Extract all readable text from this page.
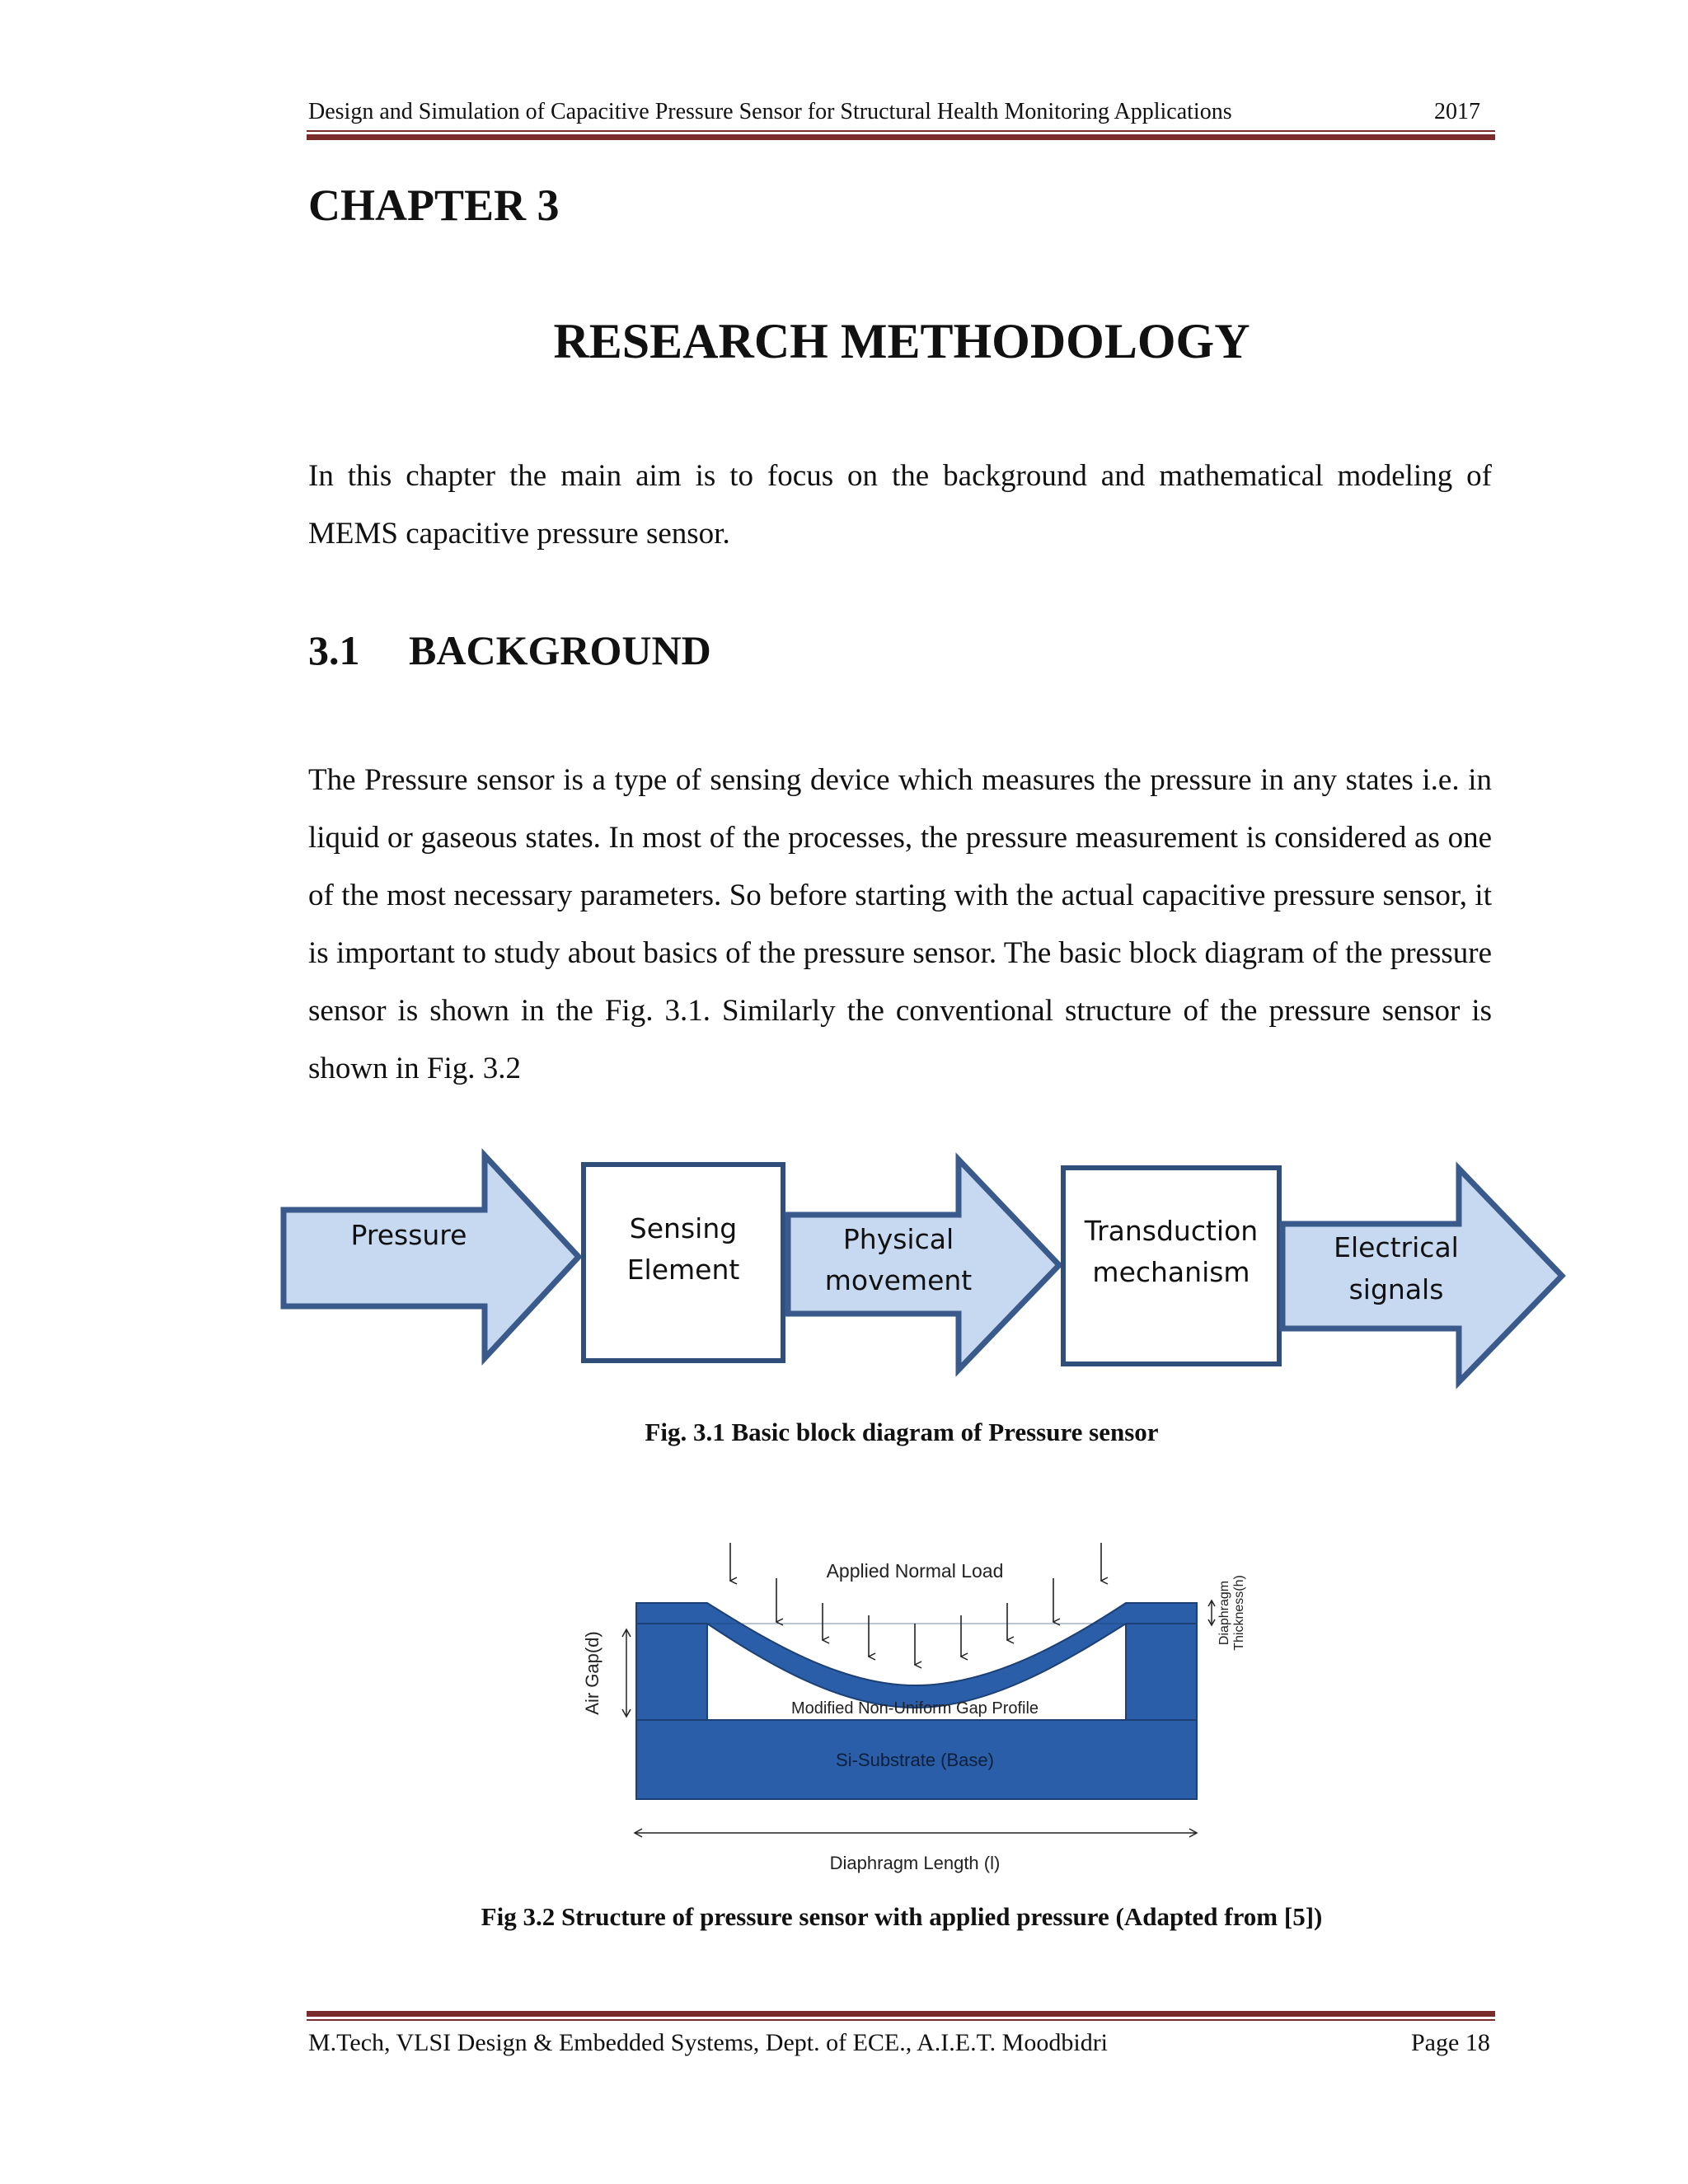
Design and Simulation of Capacitive Pressure Sensor for Structural Health Monitoring Applications	2017
CHAPTER 3
RESEARCH METHODOLOGY
In this chapter the main aim is to focus on the background and mathematical modeling of
MEMS capacitive pressure sensor.
3.1 BACKGROUND
The Pressure sensor is a type of sensing device which measures the pressure in any states i.e. in liquid or gaseous states. In most of the processes, the pressure measurement is considered as one of the most necessary parameters. So before starting with the actual capacitive pressure sensor, it is important to study about basics of the pressure sensor. The basic block diagram of the pressure sensor is shown in the Fig. 3.1. Similarly the conventional structure of the pressure sensor is shown in Fig. 3.2
Pressure	Sensing
Element
Physical
movement
Transduction
mechanism
Electrical
signals
Fig. 3.1 Basic block diagram of Pressure sensor
Applied Normal Load
Modified Non-Uniform Gap Profile
Si-Substrate (Base)
Air Gap(d)
Diaphragm Thickness(h)
Diaphragm Length (l)
Fig 3.2 Structure of pressure sensor with applied pressure (Adapted from [5])
M.Tech, VLSI Design & Embedded Systems, Dept. of ECE., A.I.E.T. Moodbidri	Page 18
